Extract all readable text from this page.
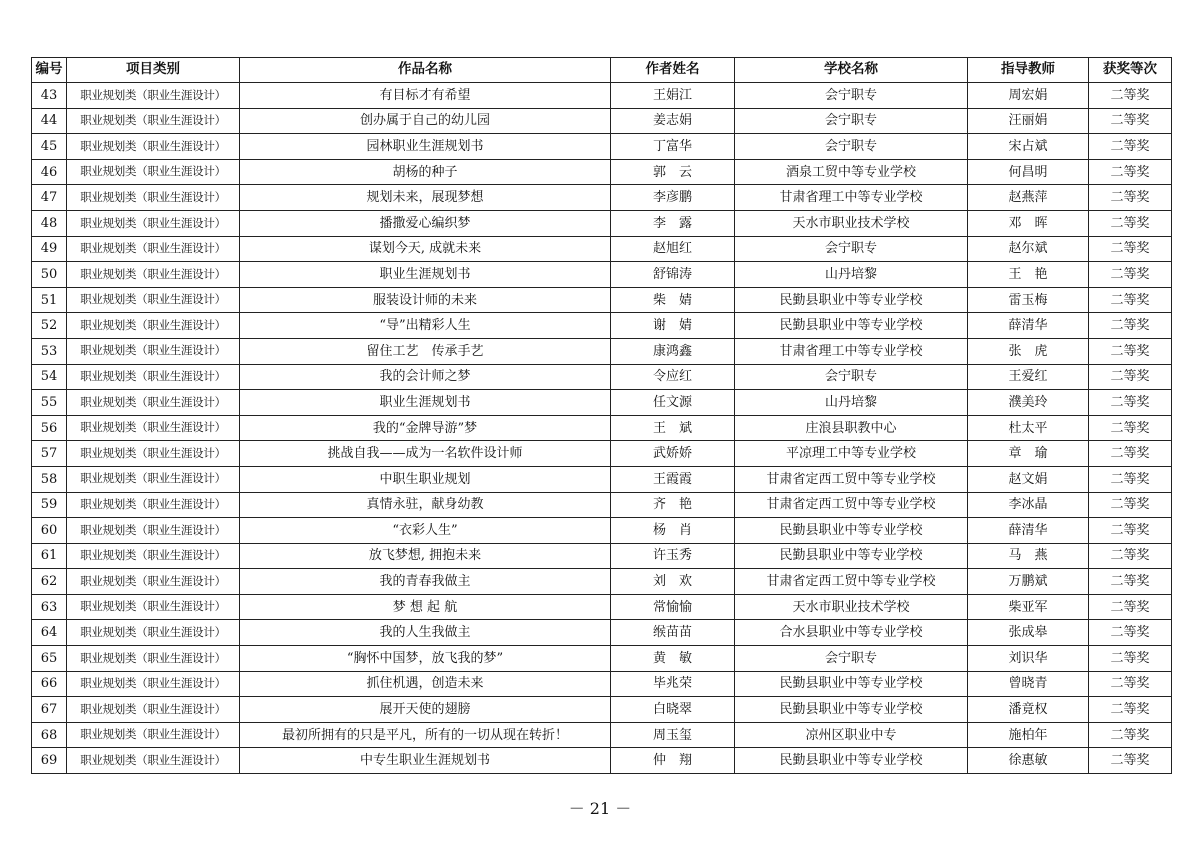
编号	项目类别	作品名称	作者姓名	学校名称	指导教师	获奖等次
43	职业规划类（职业生涯设计）	有目标才有希望	王娟江	会宁职专	周宏娟	二等奖
44	职业规划类（职业生涯设计）	创办属于自己的幼儿园	姜志娟	会宁职专	汪丽娟	二等奖
45	职业规划类（职业生涯设计）	园林职业生涯规划书	丁富华	会宁职专	宋占斌	二等奖
46	职业规划类（职业生涯设计）	胡杨的种子	郭　云	酒泉工贸中等专业学校	何昌明	二等奖
47	职业规划类（职业生涯设计）	规划未来，展现梦想	李彦鹏	甘肃省理工中等专业学校	赵燕萍	二等奖
48	职业规划类（职业生涯设计）	播撒爱心编织梦	李　露	天水市职业技术学校	邓　晖	二等奖
49	职业规划类（职业生涯设计）	谋划今天, 成就未来	赵旭红	会宁职专	赵尔斌	二等奖
50	职业规划类（职业生涯设计）	职业生涯规划书	舒锦涛	山丹培黎	王　艳	二等奖
51	职业规划类（职业生涯设计）	服装设计师的未来	柴　婧	民勤县职业中等专业学校	雷玉梅	二等奖
52	职业规划类（职业生涯设计）	“导”出精彩人生	谢　婧	民勤县职业中等专业学校	薛清华	二等奖
53	职业规划类（职业生涯设计）	留住工艺　传承手艺	康鸿鑫	甘肃省理工中等专业学校	张　虎	二等奖
54	职业规划类（职业生涯设计）	我的会计师之梦	令应红	会宁职专	王爱红	二等奖
55	职业规划类（职业生涯设计）	职业生涯规划书	任文源	山丹培黎	濮美玲	二等奖
56	职业规划类（职业生涯设计）	我的“金牌导游”梦	王　斌	庄浪县职教中心	杜太平	二等奖
57	职业规划类（职业生涯设计）	挑战自我——成为一名软件设计师	武娇娇	平凉理工中等专业学校	章　瑜	二等奖
58	职业规划类（职业生涯设计）	中职生职业规划	王霞霞	甘肃省定西工贸中等专业学校	赵文娟	二等奖
59	职业规划类（职业生涯设计）	真情永驻，献身幼教	齐　艳	甘肃省定西工贸中等专业学校	李冰晶	二等奖
60	职业规划类（职业生涯设计）	“衣彩人生”	杨　肖	民勤县职业中等专业学校	薛清华	二等奖
61	职业规划类（职业生涯设计）	放飞梦想, 拥抱未来	许玉秀	民勤县职业中等专业学校	马　燕	二等奖
62	职业规划类（职业生涯设计）	我的青春我做主	刘　欢	甘肃省定西工贸中等专业学校	万鹏斌	二等奖
63	职业规划类（职业生涯设计）	梦 想 起 航	常愉愉	天水市职业技术学校	柴亚军	二等奖
64	职业规划类（职业生涯设计）	我的人生我做主	缑苗苗	合水县职业中等专业学校	张成皋	二等奖
65	职业规划类（职业生涯设计）	“胸怀中国梦，放飞我的梦”	黄　敏	会宁职专	刘识华	二等奖
66	职业规划类（职业生涯设计）	抓住机遇，创造未来	毕兆荣	民勤县职业中等专业学校	曾晓青	二等奖
67	职业规划类（职业生涯设计）	展开天使的翅膀	白晓翠	民勤县职业中等专业学校	潘竟权	二等奖
68	职业规划类（职业生涯设计）	最初所拥有的只是平凡，所有的一切从现在转折！	周玉玺	凉州区职业中专	施柏年	二等奖
69	职业规划类（职业生涯设计）	中专生职业生涯规划书	仲　翔	民勤县职业中等专业学校	徐惠敏	二等奖
－ 21 －
